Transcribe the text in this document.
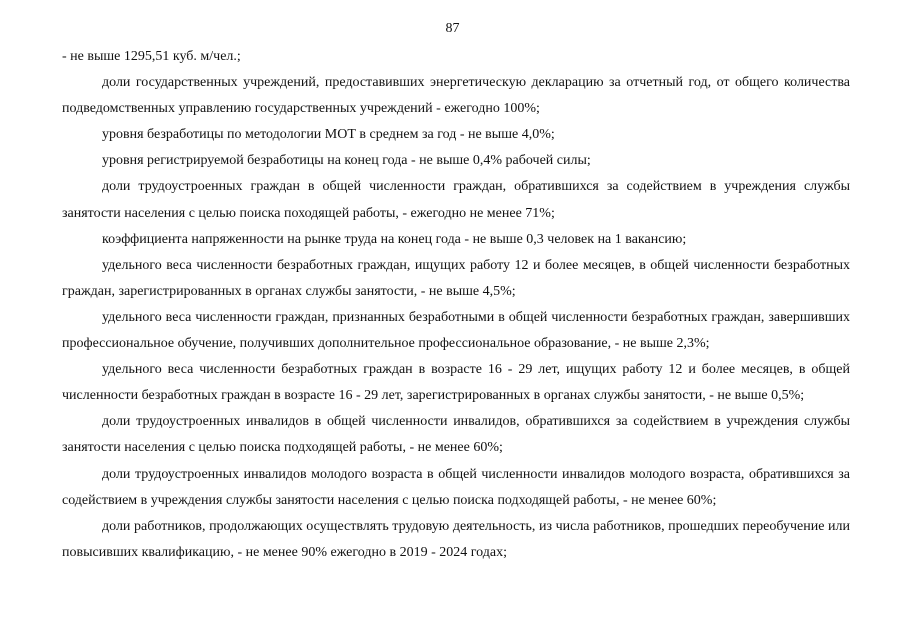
87

- не выше 1295,51 куб. м/чел.;

доли государственных учреждений, предоставивших энергетическую декларацию за отчетный год, от общего количества подведомственных управлению государственных учреждений - ежегодно 100%;

уровня безработицы по методологии МОТ в среднем за год - не выше 4,0%;

уровня регистрируемой безработицы на конец года - не выше 0,4% рабочей силы;

доли трудоустроенных граждан в общей численности граждан, обратившихся за содействием в учреждения службы занятости населения с целью поиска походящей работы, - ежегодно не менее 71%;

коэффициента напряженности на рынке труда на конец года - не выше 0,3 человек на 1 вакансию;

удельного веса численности безработных граждан, ищущих работу 12 и более месяцев, в общей численности безработных граждан, зарегистрированных в органах службы занятости, - не выше 4,5%;

удельного веса численности граждан, признанных безработными в общей численности безработных граждан, завершивших профессиональное обучение, получивших дополнительное профессиональное образование, - не выше 2,3%;

удельного веса численности безработных граждан в возрасте 16 - 29 лет, ищущих работу 12 и более месяцев, в общей численности безработных граждан в возрасте 16 - 29 лет, зарегистрированных в органах службы занятости, - не выше 0,5%;

доли трудоустроенных инвалидов в общей численности инвалидов, обратившихся за содействием в учреждения службы занятости населения с целью поиска подходящей работы, - не менее 60%;

доли трудоустроенных инвалидов молодого возраста в общей численности инвалидов молодого возраста, обратившихся за содействием в учреждения службы занятости населения с целью поиска подходящей работы, - не менее 60%;

доли работников, продолжающих осуществлять трудовую деятельность, из числа работников, прошедших переобучение или повысивших квалификацию, - не менее 90% ежегодно в 2019 - 2024 годах;
